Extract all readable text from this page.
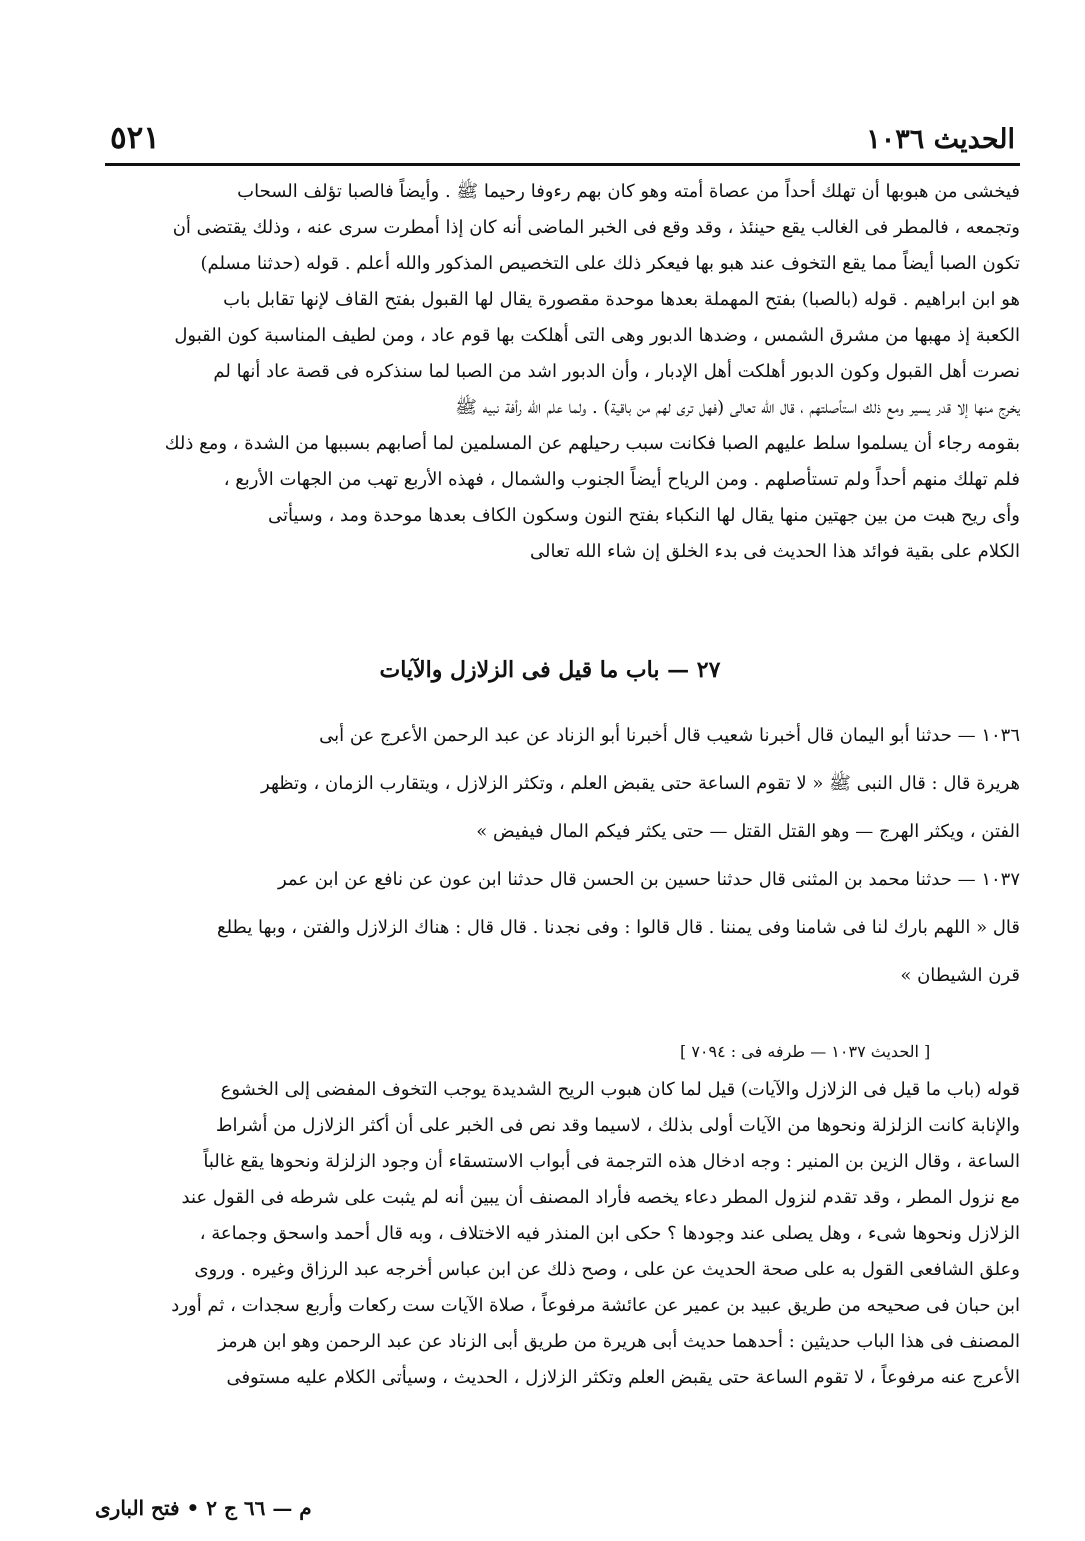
الحديث ١٠٣٦
٥٢١
فيخشى من هبوبها أن تهلك أحداً من عصاة أمته وهو كان بهم رءوفا رحيما ﷺ . وأيضاً فالصبا تؤلف السحاب
وتجمعه ، فالمطر فى الغالب يقع حينئذ ، وقد وقع فى الخبر الماضى أنه كان إذا أمطرت سرى عنه ، وذلك يقتضى أن
تكون الصبا أيضاً مما يقع التخوف عند هبو بها فيعكر ذلك على التخصيص المذكور والله أعلم . قوله (حدثنا مسلم)
هو ابن ابراهيم . قوله (بالصبا) بفتح المهملة بعدها موحدة مقصورة يقال لها القبول بفتح القاف لإنها تقابل باب
الكعبة إذ مهبها من مشرق الشمس ، وضدها الدبور وهى التى أهلكت بها قوم عاد ، ومن لطيف المناسبة كون القبول
نصرت أهل القبول وكون الدبور أهلكت أهل الإدبار ، وأن الدبور اشد من الصبا لما سنذكره فى قصة عاد أنها لم
يخرج منها إلا قدر يسير ومع ذلك استأصلتهم ، قال الله تعالى (فهل ترى لهم من باقية) . ولما علم الله رأفة نبيه ﷺ
بقومه رجاء أن يسلموا سلط عليهم الصبا فكانت سبب رحيلهم عن المسلمين لما أصابهم بسببها من الشدة ، ومع ذلك
فلم تهلك منهم أحداً ولم تستأصلهم . ومن الرياح أيضاً الجنوب والشمال ، فهذه الأربع تهب من الجهات الأربع ،
وأى ريح هبت من بين جهتين منها يقال لها النكباء بفتح النون وسكون الكاف بعدها موحدة ومد ، وسيأتى
الكلام على بقية فوائد هذا الحديث فى بدء الخلق إن شاء الله تعالى
٢٧ — باب ما قيل فى الزلازل والآيات
١٠٣٦ — حدثنا أبو اليمان قال أخبرنا شعيب قال أخبرنا أبو الزناد عن عبد الرحمن الأعرج عن أبى
هريرة قال : قال النبى ﷺ « لا تقوم الساعة حتى يقبض العلم ، وتكثر الزلازل ، ويتقارب الزمان ، وتظهر
الفتن ، ويكثر الهرج — وهو القتل القتل — حتى يكثر فيكم المال فيفيض »
١٠٣٧ — حدثنا محمد بن المثنى قال حدثنا حسين بن الحسن قال حدثنا ابن عون عن نافع عن ابن عمر
قال « اللهم بارك لنا فى شامنا وفى يمننا . قال قالوا : وفى نجدنا . قال قال : هناك الزلازل والفتن ، وبها يطلع
قرن الشيطان »
[ الحديث ١٠٣٧ — طرفه فى : ٧٠٩٤ ]
قوله (باب ما قيل فى الزلازل والآيات) قيل لما كان هبوب الريح الشديدة يوجب التخوف المفضى إلى الخشوع
والإنابة كانت الزلزلة ونحوها من الآيات أولى بذلك ، لاسيما وقد نص فى الخبر على أن أكثر الزلازل من أشراط
الساعة ، وقال الزين بن المنير : وجه ادخال هذه الترجمة فى أبواب الاستسقاء أن وجود الزلزلة ونحوها يقع غالباً
مع نزول المطر ، وقد تقدم لنزول المطر دعاء يخصه فأراد المصنف أن يبين أنه لم يثبت على شرطه فى القول عند
الزلازل ونحوها شىء ، وهل يصلى عند وجودها ؟ حكى ابن المنذر فيه الاختلاف ، وبه قال أحمد واسحق وجماعة ،
وعلق الشافعى القول به على صحة الحديث عن على ، وصح ذلك عن ابن عباس أخرجه عبد الرزاق وغيره . وروى
ابن حبان فى صحيحه من طريق عبيد بن عمير عن عائشة مرفوعاً ، صلاة الآيات ست ركعات وأربع سجدات ، ثم أورد
المصنف فى هذا الباب حديثين : أحدهما حديث أبى هريرة من طريق أبى الزناد عن عبد الرحمن وهو ابن هرمز
الأعرج عنه مرفوعاً ، لا تقوم الساعة حتى يقبض العلم وتكثر الزلازل ، الحديث ، وسيأتى الكلام عليه مستوفى
م — ٦٦ ج ٢ • فتح البارى
